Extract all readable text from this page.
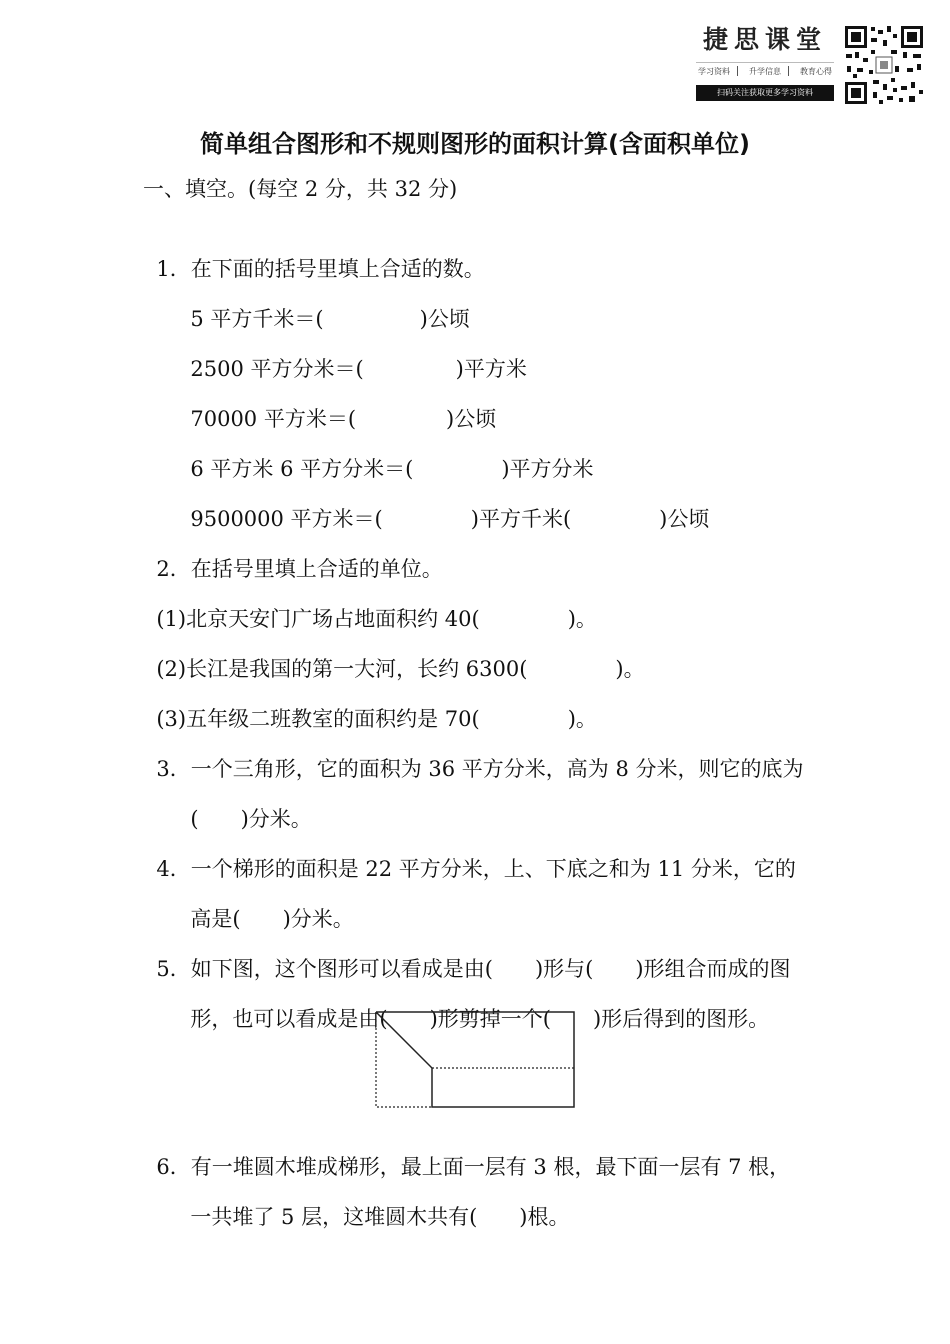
捷思课堂
学习资料 升学信息 教育心得
扫码关注获取更多学习资料
简单组合图形和不规则图形的面积计算(含面积单位)
一、填空。(每空 2 分，共 32 分)

1．在下面的括号里填上合适的数。

5 平方千米＝(	)公顷

2500 平方分米＝(	)平方米

70000 平方米＝(	)公顷

6 平方米 6 平方分米＝(	)平方分米

9500000 平方米＝(	)平方千米(	)公顷

2．在括号里填上合适的单位。

(1)北京天安门广场占地面积约 40(	)。

(2)长江是我国的第一大河，长约 6300(	)。

(3)五年级二班教室的面积约是 70(	)。

3．一个三角形，它的面积为 36 平方分米，高为 8 分米，则它的底为

( )分米。

4．一个梯形的面积是 22 平方分米，上、下底之和为 11 分米，它的

高是( )分米。

5．如下图，这个图形可以看成是由( )形与( )形组合而成的图

形，也可以看成是由( )形剪掉一个( )形后得到的图形。

6．有一堆圆木堆成梯形，最上面一层有 3 根，最下面一层有 7 根，

一共堆了 5 层，这堆圆木共有( )根。
